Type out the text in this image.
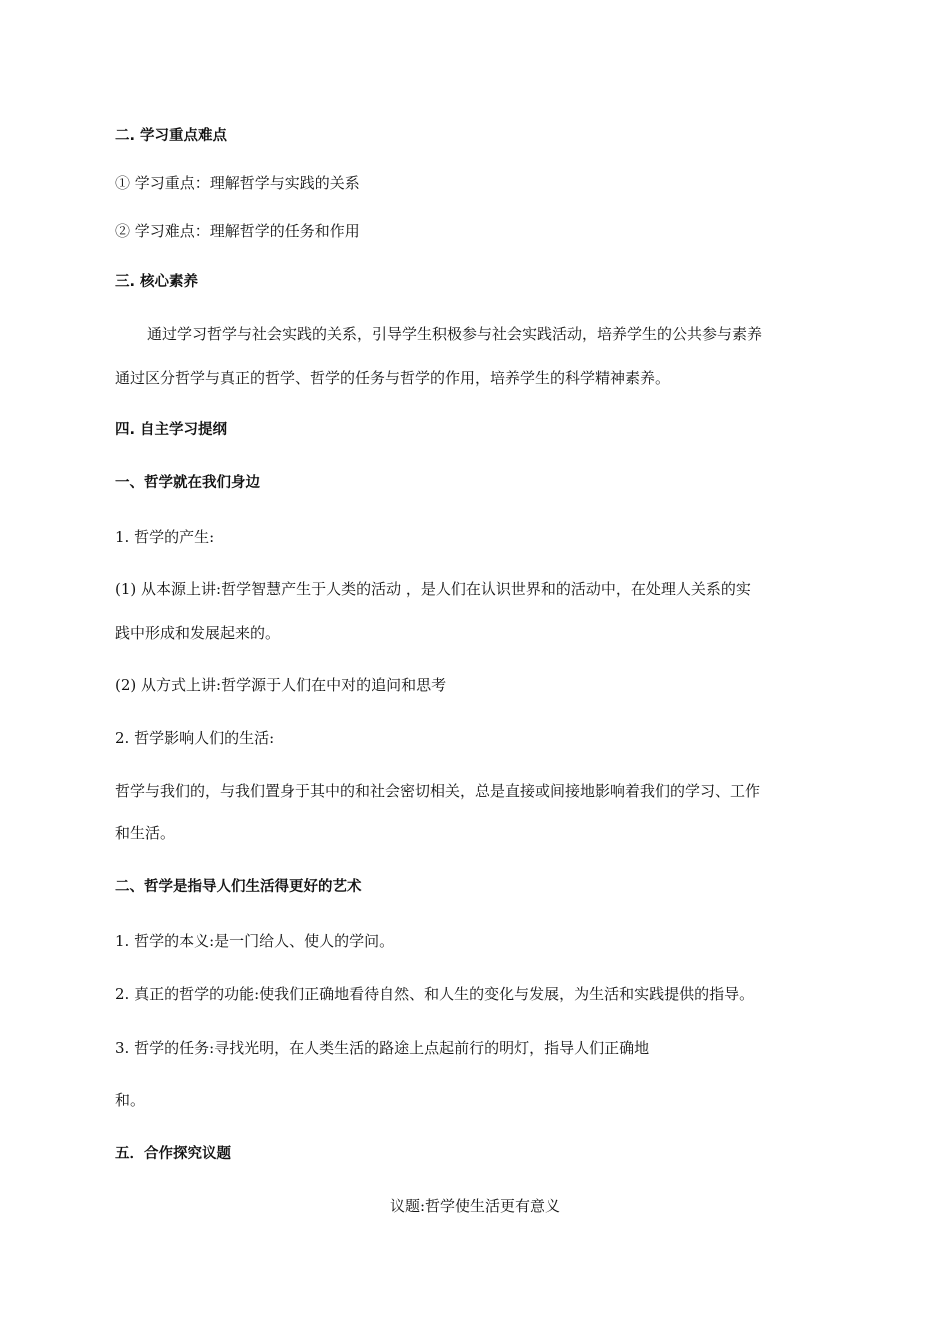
二. 学习重点难点
① 学习重点：理解哲学与实践的关系
② 学习难点：理解哲学的任务和作用
三. 核心素养
通过学习哲学与社会实践的关系，引导学生积极参与社会实践活动，培养学生的公共参与素养
通过区分哲学与真正的哲学、哲学的任务与哲学的作用，培养学生的科学精神素养。
四. 自主学习提纲
一、哲学就在我们身边
1. 哲学的产生:
(1) 从本源上讲:哲学智慧产生于人类的活动 ，是人们在认识世界和的活动中，在处理人关系的实
践中形成和发展起来的。
(2) 从方式上讲:哲学源于人们在中对的追问和思考
2. 哲学影响人们的生活:
哲学与我们的，与我们置身于其中的和社会密切相关，总是直接或间接地影响着我们的学习、工作
和生活。
二、哲学是指导人们生活得更好的艺术
1. 哲学的本义:是一门给人、使人的学问。
2. 真正的哲学的功能:使我们正确地看待自然、和人生的变化与发展，为生活和实践提供的指导。
3. 哲学的任务:寻找光明，在人类生活的路途上点起前行的明灯，指导人们正确地
和。
五．合作探究议题
议题:哲学使生活更有意义
